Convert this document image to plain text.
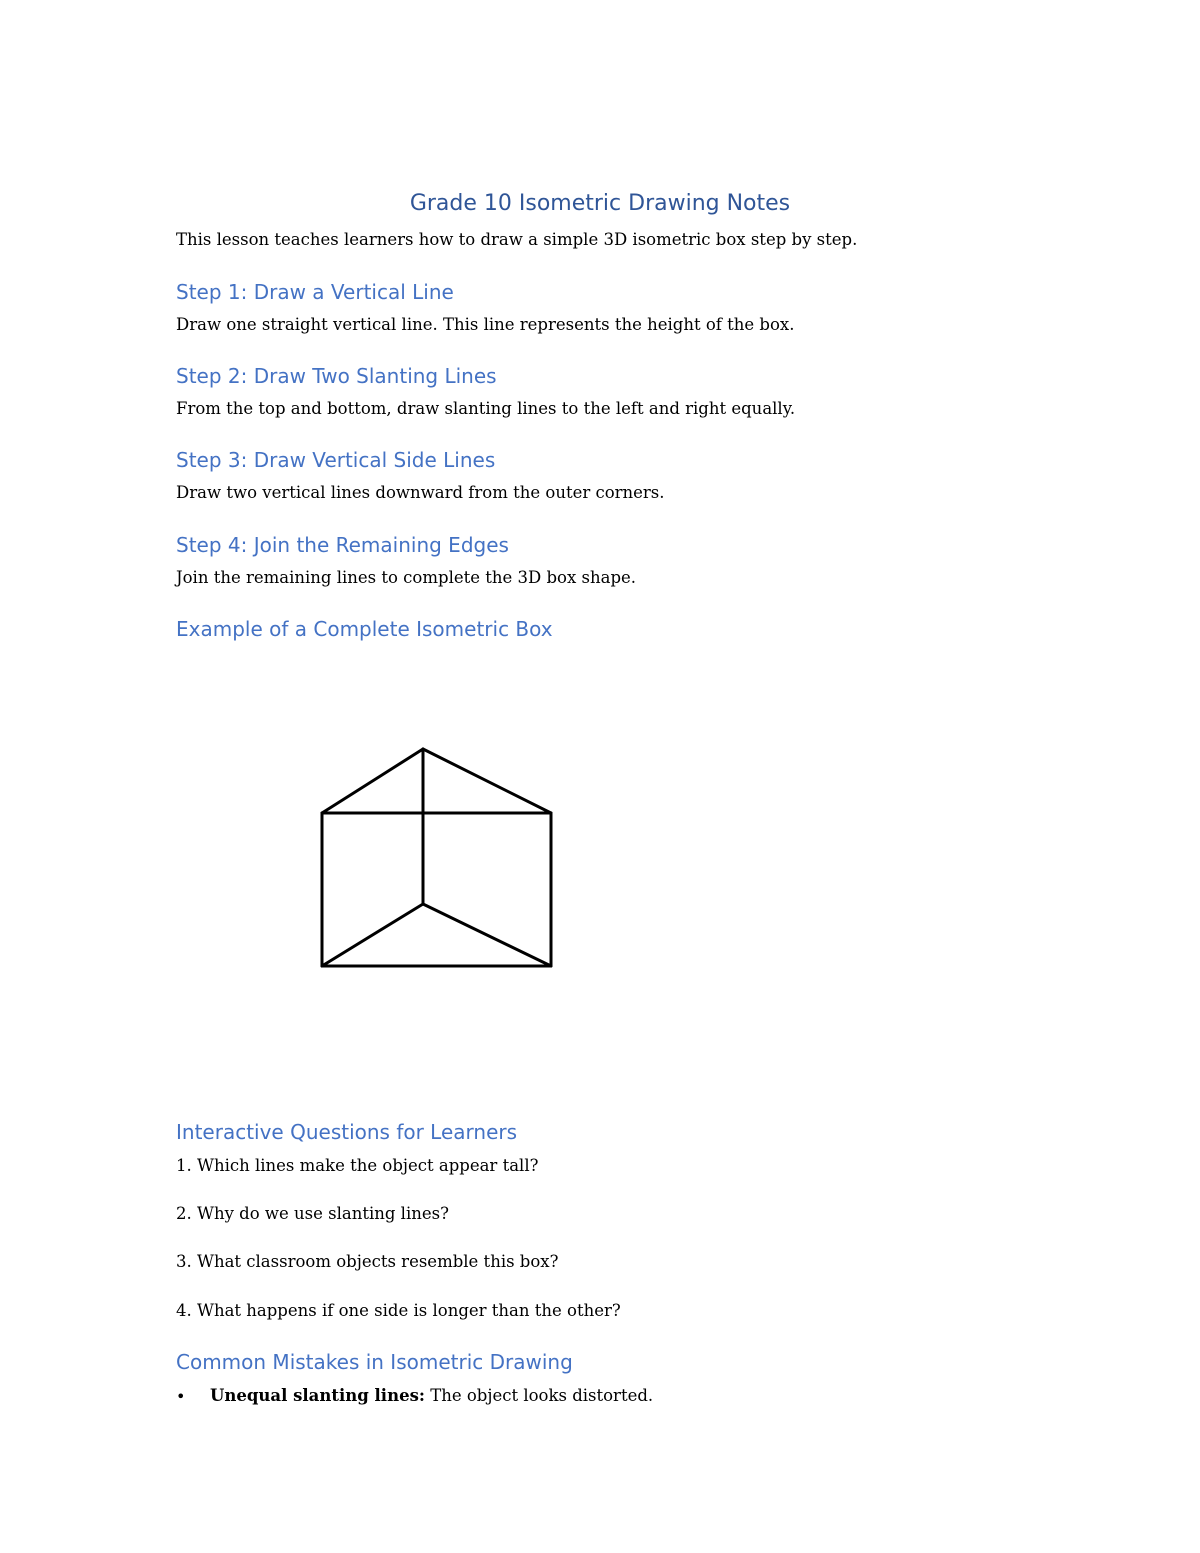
Grade 10 Isometric Drawing Notes
This lesson teaches learners how to draw a simple 3D isometric box step by step.
Step 1: Draw a Vertical Line
Draw one straight vertical line. This line represents the height of the box.
Step 2: Draw Two Slanting Lines
From the top and bottom, draw slanting lines to the left and right equally.
Step 3: Draw Vertical Side Lines
Draw two vertical lines downward from the outer corners.
Step 4: Join the Remaining Edges
Join the remaining lines to complete the 3D box shape.
Example of a Complete Isometric Box
Interactive Questions for Learners
1. Which lines make the object appear tall?
2. Why do we use slanting lines?
3. What classroom objects resemble this box?
4. What happens if one side is longer than the other?
Common Mistakes in Isometric Drawing
• Unequal slanting lines: The object looks distorted.
